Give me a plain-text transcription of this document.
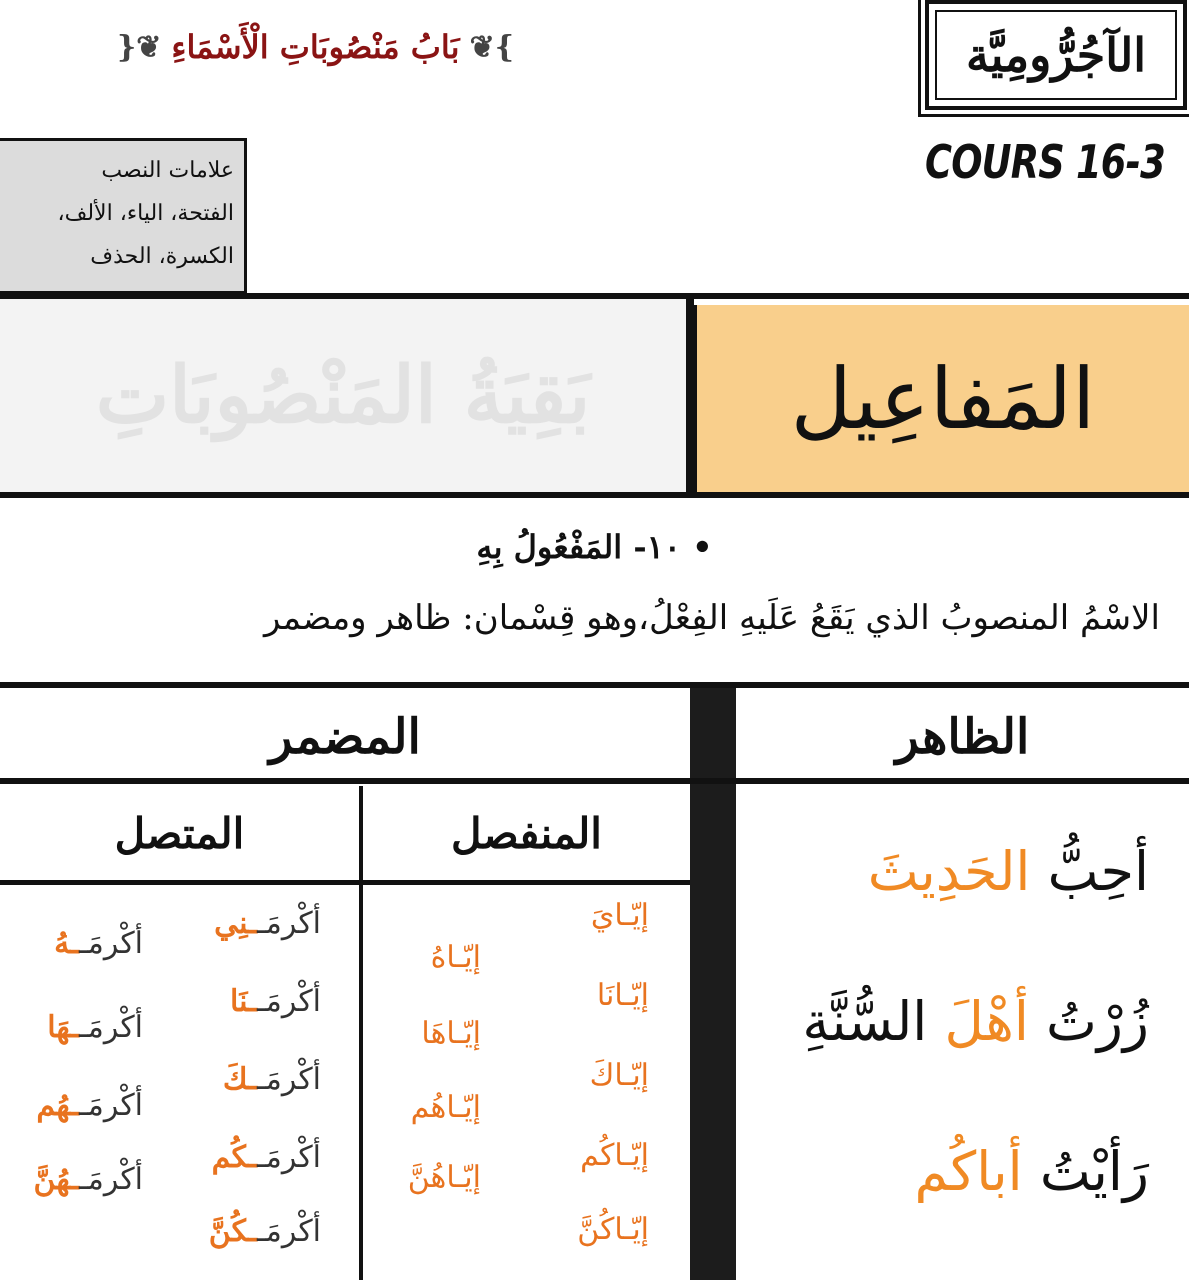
الآجُرُّومِيَّة
}❦
بَابُ مَنْصُوبَاتِ الْأَسْمَاءِ
❦{
COURS 16-3
علامات النصب
الفتحة، الياء، الألف،
الكسرة، الحذف
بَقِيَةُ المَنْصُوبَاتِ المَفاعِيل
• ١٠- المَفْعُولُ بِهِ
الاسْمُ المنصوبُ الذي يَقَعُ عَلَيهِ الفِعْلُ،وهو قِسْمان: ظاهر ومضمر
الظاهر
المضمر
المنفصل
المتصل
أحِبُّ الحَدِيثَ
زُرْتُ أهْلَ السُّنَّةِ
رَأيْتُ أباكُم
إيّـايَ
إيّـانَا
إيّـاكَ
إيّـاكُم
إيّـاكُنَّ
إيّـاهُ
إيّـاهَا
إيّـاهُم
إيّـاهُنَّ
أكْرمَــنِي
أكْرمَــنَا
أكْرمَــكَ
أكْرمَــكُم
أكْرمَــكُنَّ
أكْرمَــهُ
أكْرمَــهَا
أكْرمَــهُم
أكْرمَــهُنَّ
